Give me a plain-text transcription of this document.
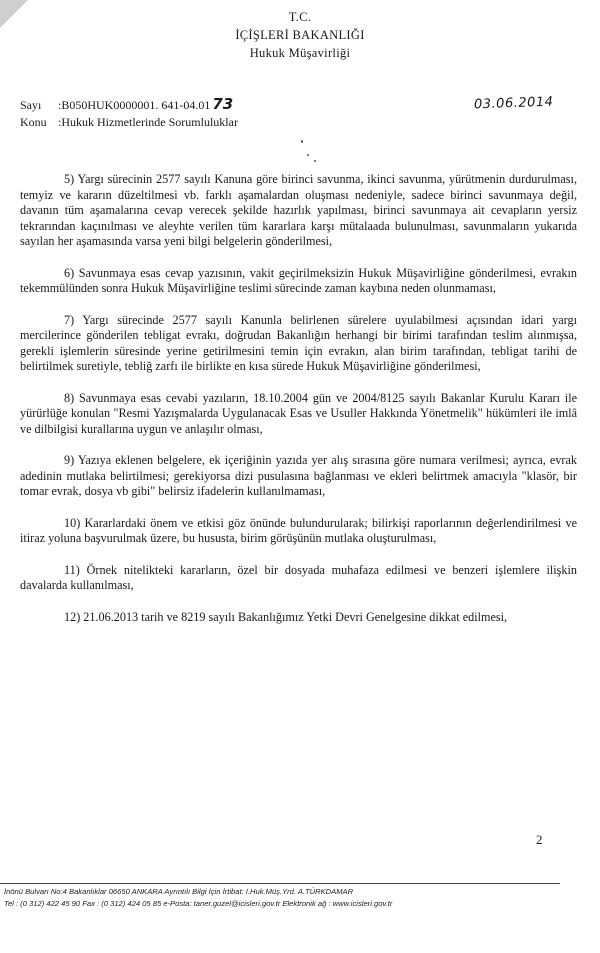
T.C.
İÇİŞLERİ BAKANLIĞI
Hukuk Müşavirliği
Sayı :B050HUK0000001. 641-04.01 73
Konu :Hukuk Hizmetlerinde Sorumluluklar
03.06.2014

5) Yargı sürecinin 2577 sayılı Kanuna göre birinci savunma, ikinci savunma, yürütmenin durdurulması, temyiz ve kararın düzeltilmesi vb. farklı aşamalardan oluşması nedeniyle, sadece birinci savunmaya değil, davanın tüm aşamalarına cevap verecek şekilde hazırlık yapılması, birinci savunmaya ait cevapların yersiz tekrarından kaçınılması ve aleyhte verilen tüm kararlara karşı mütalaada bulunulması, savunmaların yukarıda sayılan her aşamasında varsa yeni bilgi belgelerin gönderilmesi,

6) Savunmaya esas cevap yazısının, vakit geçirilmeksizin Hukuk Müşavirliğine gönderilmesi, evrakın tekemmülünden sonra Hukuk Müşavirliğine teslimi sürecinde zaman kaybına neden olunmaması,

7) Yargı sürecinde 2577 sayılı Kanunla belirlenen sürelere uyulabilmesi açısından idari yargı mercilerince gönderilen tebligat evrakı, doğrudan Bakanlığın herhangi bir birimi tarafından teslim alınmışsa, gerekli işlemlerin süresinde yerine getirilmesini temin için evrakın, alan birim tarafından, tebligat tarihi de belirtilmek suretiyle, tebliğ zarfı ile birlikte en kısa sürede Hukuk Müşavirliğine gönderilmesi,

8) Savunmaya esas cevabi yazıların, 18.10.2004 gün ve 2004/8125 sayılı Bakanlar Kurulu Kararı ile yürürlüğe konulan "Resmi Yazışmalarda Uygulanacak Esas ve Usuller Hakkında Yönetmelik" hükümleri ile imlâ ve dilbilgisi kurallarına uygun ve anlaşılır olması,

9) Yazıya eklenen belgelere, ek içeriğinin yazıda yer alış sırasına göre numara verilmesi; ayrıca, evrak adedinin mutlaka belirtilmesi; gerekiyorsa dizi pusulasına bağlanması ve ekleri belirtmek amacıyla "klasör, bir tomar evrak, dosya vb gibi" belirsiz ifadelerin kullanılmaması,

10) Kararlardaki önem ve etkisi göz önünde bulundurularak; bilirkişi raporlarının değerlendirilmesi ve itiraz yoluna başvurulmak üzere, bu hususta, birim görüşünün mutlaka oluşturulması,

11) Örnek nitelikteki kararların, özel bir dosyada muhafaza edilmesi ve benzeri işlemlere ilişkin davalarda kullanılması,

12) 21.06.2013 tarih ve 8219 sayılı Bakanlığımız Yetki Devri Genelgesine dikkat edilmesi,

2
İnönü Bulvarı No:4 Bakanlıklar 06650 ANKARA Ayrıntılı Bilgi İçin İrtibat: I.Huk.Müş.Yrd. A.TÜRKDAMAR
Tel : (0 312) 422 45 90 Fax : (0 312) 424 05 85 e-Posta: taner.guzel@icisleri.gov.tr Elektronik ağ : www.icisleri.gov.tr
